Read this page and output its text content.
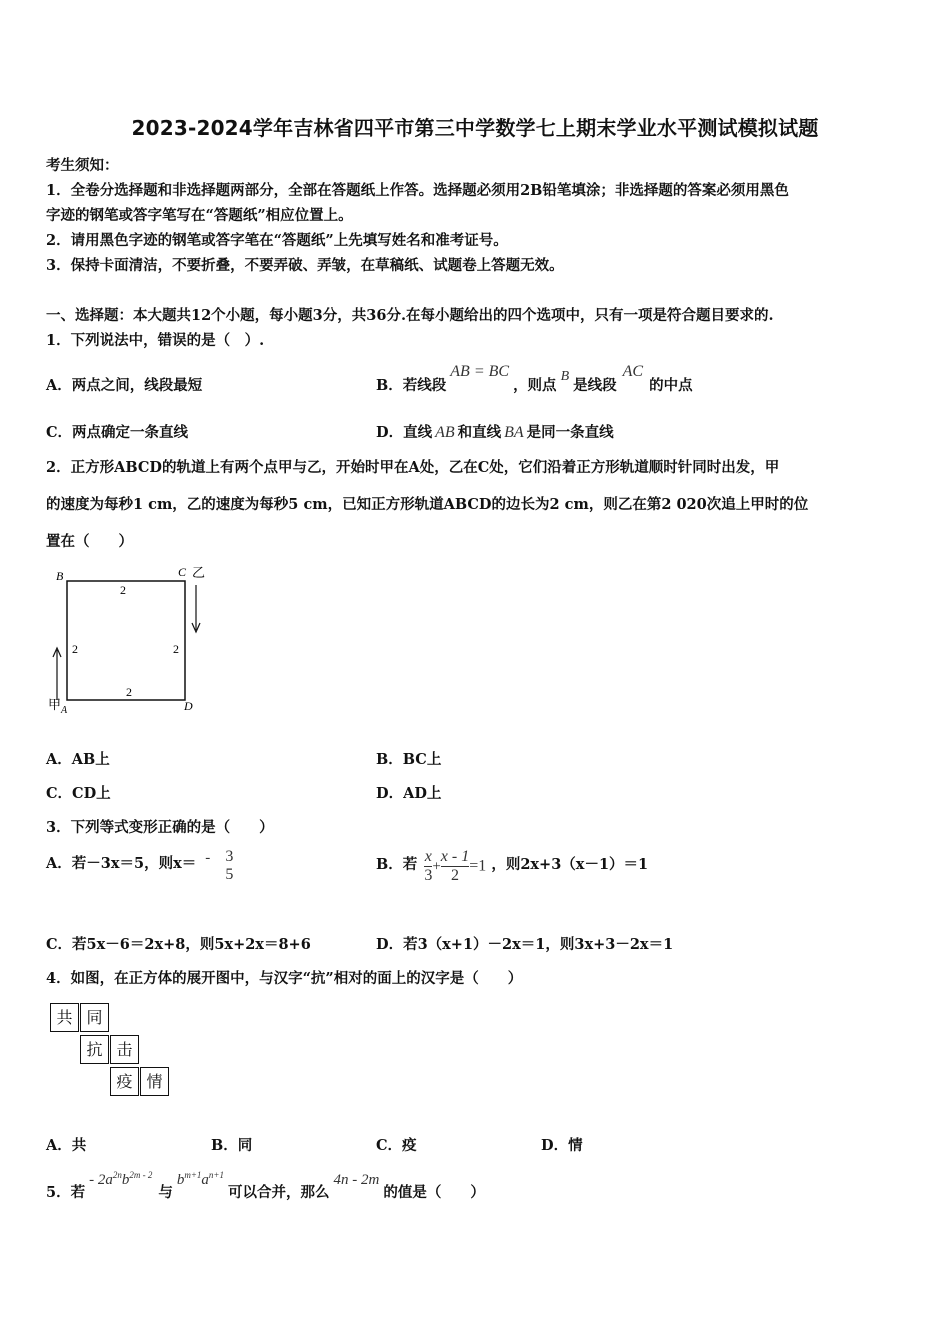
2023-2024学年吉林省四平市第三中学数学七上期末学业水平测试模拟试题
考生须知：
1．全卷分选择题和非选择题两部分，全部在答题纸上作答。选择题必须用2B铅笔填涂；非选择题的答案必须用黑色
字迹的钢笔或答字笔写在“答题纸”相应位置上。
2．请用黑色字迹的钢笔或答字笔在“答题纸”上先填写姓名和准考证号。
3．保持卡面清洁，不要折叠，不要弄破、弄皱，在草稿纸、试题卷上答题无效。
一、选择题：本大题共12个小题，每小题3分，共36分.在每小题给出的四个选项中，只有一项是符合题目要求的.
1．下列说法中，错误的是（　）.
A．两点之间，线段最短	B．若线段AB = BC，则点B是线段AC的中点
C．两点确定一条直线	D．直线 AB 和直线 BA 是同一条直线
2．正方形ABCD的轨道上有两个点甲与乙，开始时甲在A处，乙在C处，它们沿着正方形轨道顺时针同时出发，甲
的速度为每秒1 cm，乙的速度为每秒5 cm，已知正方形轨道ABCD的边长为2 cm，则乙在第2 020次追上甲时的位
置在（　　）
B	C 乙
D
甲 A
2
2	2
2
A．AB上	B．BC上
C．CD上	D．AD上
3．下列等式变形正确的是（　　）
A．若－3x＝5，则x＝ - 3
5
B．若 $\frac{x}{3} + \frac{x - 1}{2} =1$ ，则2x+3（x－1）＝1
C．若5x－6＝2x+8，则5x+2x＝8+6	D．若3（x+1）－2x＝1，则3x+3－2x＝1
4．如图，在正方体的展开图中，与汉字“抗”相对的面上的汉字是（　　）
共 同
抗 击
疫 情
A．共	B．同	C．疫	D．情
5．若- $2a^{2n}b^{2m - 2}$与$b^{m+1}a^{n+1}$可以合并，那么4n - 2m的值是（　　）
